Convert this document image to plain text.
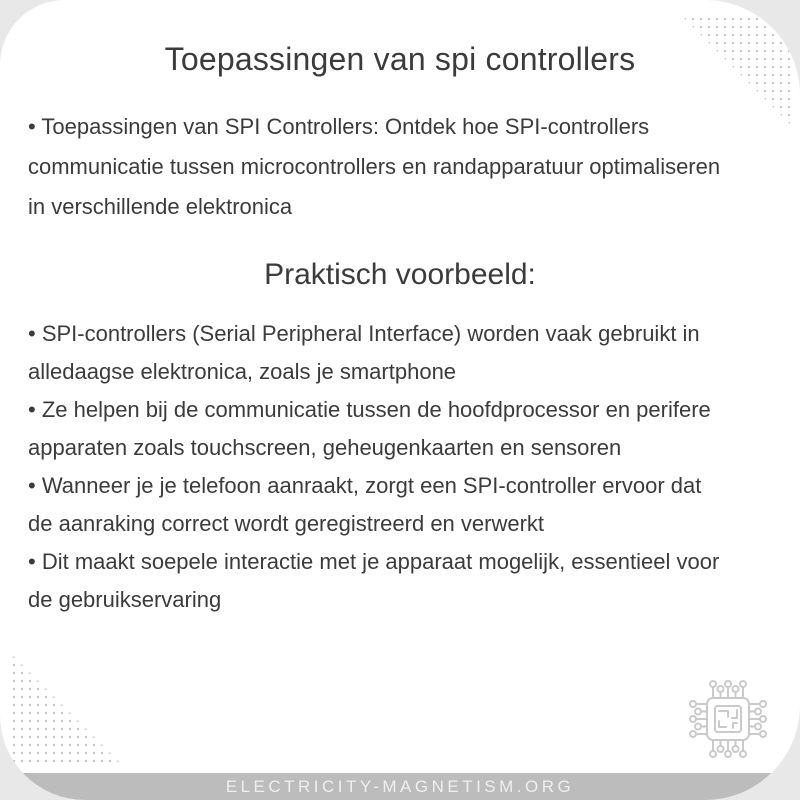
Toepassingen van spi controllers

• Toepassingen van SPI Controllers: Ontdek hoe SPI-controllers communicatie tussen microcontrollers en randapparatuur optimaliseren in verschillende elektronica

Praktisch voorbeeld:

• SPI-controllers (Serial Peripheral Interface) worden vaak gebruikt in alledaagse elektronica, zoals je smartphone

• Ze helpen bij de communicatie tussen de hoofdprocessor en perifere apparaten zoals touchscreen, geheugenkaarten en sensoren

• Wanneer je je telefoon aanraakt, zorgt een SPI-controller ervoor dat de aanraking correct wordt geregistreerd en verwerkt

• Dit maakt soepele interactie met je apparaat mogelijk, essentieel voor de gebruikservaring

ELECTRICITY-MAGNETISM.ORG
